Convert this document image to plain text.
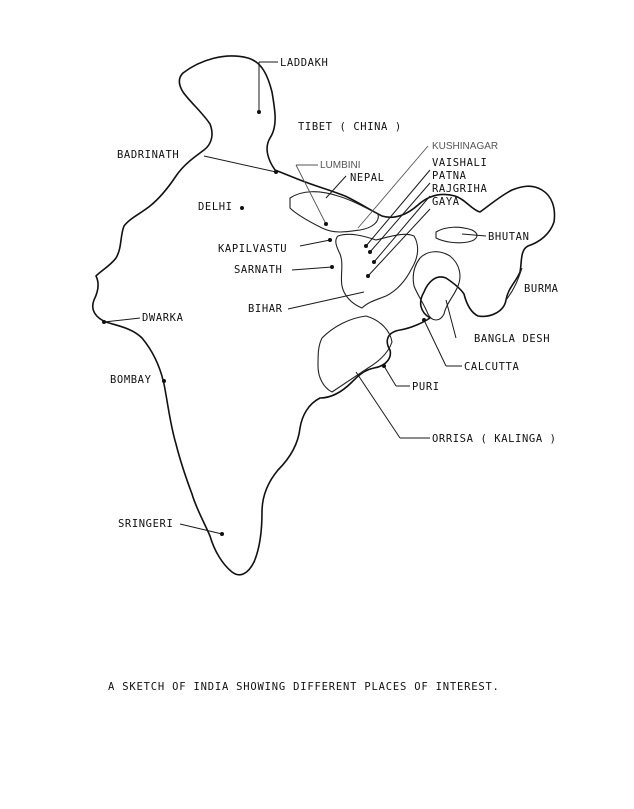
LADDAKH
TIBET ( CHINA )
BADRINATH
LUMBINI
KUSHINAGAR
VAISHALI
PATNA
RAJGRIHA
GAYA
NEPAL
DELHI
BHUTAN
KAPILVASTU
SARNATH
BIHAR
BURMA
DWARKA
BANGLA DESH
CALCUTTA
BOMBAY
PURI
ORRISA ( KALINGA )
SRINGERI
A SKETCH OF INDIA SHOWING DIFFERENT PLACES OF INTEREST.
